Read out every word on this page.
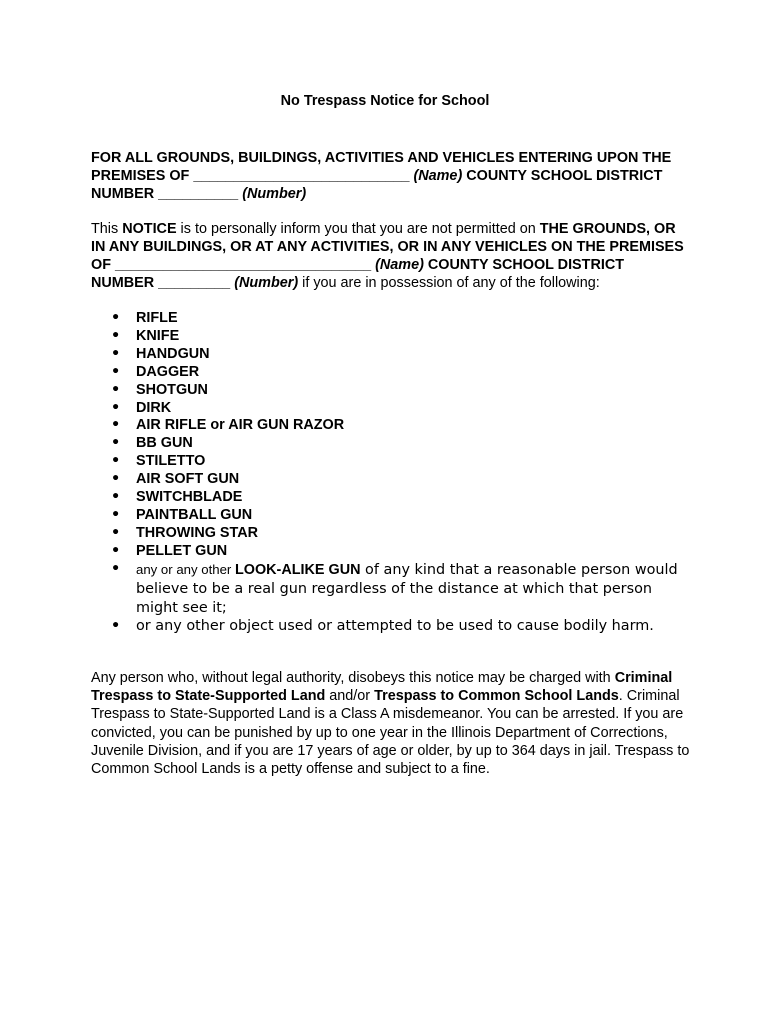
No Trespass Notice for School
FOR ALL GROUNDS, BUILDINGS, ACTIVITIES AND VEHICLES ENTERING UPON THE PREMISES OF ___________________________ (Name) COUNTY SCHOOL DISTRICT NUMBER __________ (Number)
This NOTICE is to personally inform you that you are not permitted on THE GROUNDS, OR IN ANY BUILDINGS, OR AT ANY ACTIVITIES, OR IN ANY VEHICLES ON THE PREMISES OF ________________________________ (Name) COUNTY SCHOOL DISTRICT NUMBER _________ (Number) if you are in possession of any of the following:
• RIFLE
• KNIFE
• HANDGUN
• DAGGER
• SHOTGUN
• DIRK
• AIR RIFLE or AIR GUN RAZOR
• BB GUN
• STILETTO
• AIR SOFT GUN
• SWITCHBLADE
• PAINTBALL GUN
• THROWING STAR
• PELLET GUN
• any or any other LOOK-ALIKE GUN of any kind that a reasonable person would believe to be a real gun regardless of the distance at which that person might see it;
• or any other object used or attempted to be used to cause bodily harm.
Any person who, without legal authority, disobeys this notice may be charged with Criminal Trespass to State-Supported Land and/or Trespass to Common School Lands. Criminal Trespass to State-Supported Land is a Class A misdemeanor. You can be arrested. If you are convicted, you can be punished by up to one year in the Illinois Department of Corrections, Juvenile Division, and if you are 17 years of age or older, by up to 364 days in jail. Trespass to Common School Lands is a petty offense and subject to a fine.
